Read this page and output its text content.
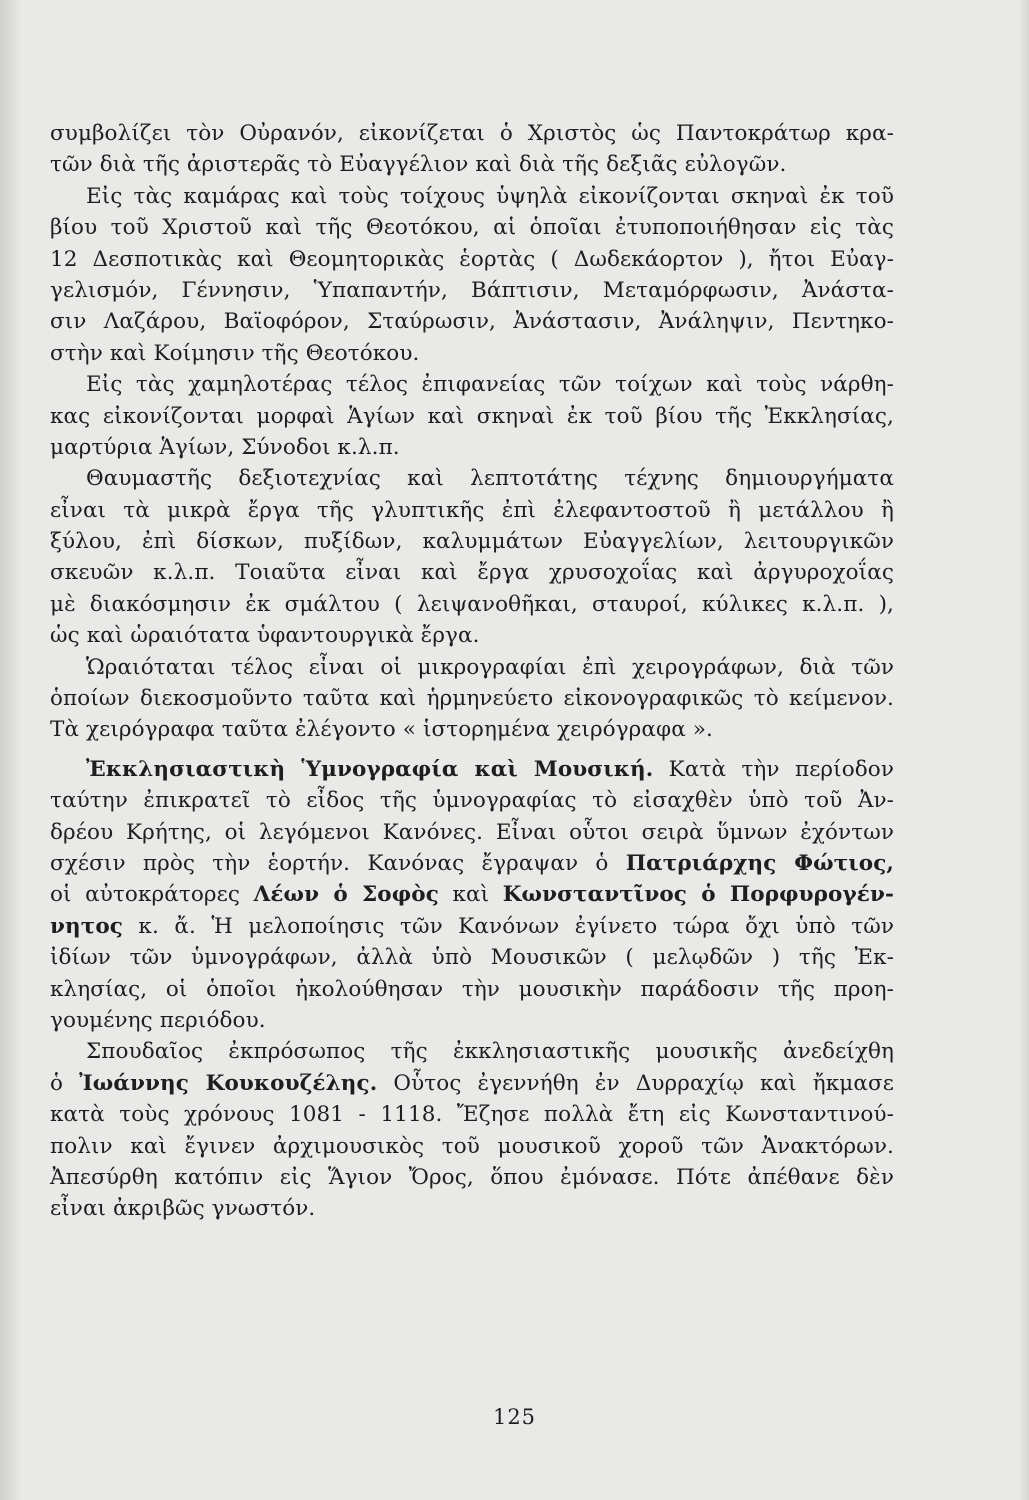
συμβολίζει τὸν Οὐρανόν, εἰκονίζεται ὁ Χριστὸς ὡς Παντοκράτωρ κρα-
τῶν διὰ τῆς ἀριστερᾶς τὸ Εὐαγγέλιον καὶ διὰ τῆς δεξιᾶς εὐλογῶν.
Εἰς τὰς καμάρας καὶ τοὺς τοίχους ὑψηλὰ εἰκονίζονται σκηναὶ ἐκ τοῦ
βίου τοῦ Χριστοῦ καὶ τῆς Θεοτόκου, αἱ ὁποῖαι ἐτυποποιήθησαν εἰς τὰς
12 Δεσποτικὰς καὶ Θεομητορικὰς ἑορτὰς ( Δωδεκάορτον ), ἤτοι Εὐαγ-
γελισμόν, Γέννησιν, Ὑπαπαντήν, Βάπτισιν, Μεταμόρφωσιν, Ἀνάστα-
σιν Λαζάρου, Βαϊοφόρον, Σταύρωσιν, Ἀνάστασιν, Ἀνάληψιν, Πεντηκο-
στὴν καὶ Κοίμησιν τῆς Θεοτόκου.
Εἰς τὰς χαμηλοτέρας τέλος ἐπιφανείας τῶν τοίχων καὶ τοὺς νάρθη-
κας εἰκονίζονται μορφαὶ Ἁγίων καὶ σκηναὶ ἐκ τοῦ βίου τῆς Ἐκκλησίας,
μαρτύρια Ἁγίων, Σύνοδοι κ.λ.π.
Θαυμαστῆς δεξιοτεχνίας καὶ λεπτοτάτης τέχνης δημιουργήματα
εἶναι τὰ μικρὰ ἔργα τῆς γλυπτικῆς ἐπὶ ἐλεφαντοστοῦ ἢ μετάλλου ἢ
ξύλου, ἐπὶ δίσκων, πυξίδων, καλυμμάτων Εὐαγγελίων, λειτουργικῶν
σκευῶν κ.λ.π. Τοιαῦτα εἶναι καὶ ἔργα χρυσοχοΐας καὶ ἀργυροχοΐας
μὲ διακόσμησιν ἐκ σμάλτου ( λειψανοθῆκαι, σταυροί, κύλικες κ.λ.π. ),
ὡς καὶ ὡραιότατα ὑφαντουργικὰ ἔργα.
Ὡραιόταται τέλος εἶναι οἱ μικρογραφίαι ἐπὶ χειρογράφων, διὰ τῶν
ὁποίων διεκοσμοῦντο ταῦτα καὶ ἡρμηνεύετο εἰκονογραφικῶς τὸ κείμενον.
Τὰ χειρόγραφα ταῦτα ἐλέγοντο « ἱστορημένα χειρόγραφα ».
Ἐκκλησιαστικὴ Ὑμνογραφία καὶ Μουσική. Κατὰ τὴν περίοδον
ταύτην ἐπικρατεῖ τὸ εἶδος τῆς ὑμνογραφίας τὸ εἰσαχθὲν ὑπὸ τοῦ Ἀν-
δρέου Κρήτης, οἱ λεγόμενοι Κανόνες. Εἶναι οὗτοι σειρὰ ὕμνων ἐχόντων
σχέσιν πρὸς τὴν ἑορτήν. Κανόνας ἔγραψαν ὁ Πατριάρχης Φώτιος,
οἱ αὐτοκράτορες Λέων ὁ Σοφὸς καὶ Κωνσταντῖνος ὁ Πορφυρογέν-
νητος κ. ἄ. Ἡ μελοποίησις τῶν Κανόνων ἐγίνετο τώρα ὄχι ὑπὸ τῶν
ἰδίων τῶν ὑμνογράφων, ἀλλὰ ὑπὸ Μουσικῶν ( μελῳδῶν ) τῆς Ἐκ-
κλησίας, οἱ ὁποῖοι ἠκολούθησαν τὴν μουσικὴν παράδοσιν τῆς προη-
γουμένης περιόδου.
Σπουδαῖος ἐκπρόσωπος τῆς ἐκκλησιαστικῆς μουσικῆς ἀνεδείχθη
ὁ Ἰωάννης Κουκουζέλης. Οὗτος ἐγεννήθη ἐν Δυρραχίῳ καὶ ἤκμασε
κατὰ τοὺς χρόνους 1081 - 1118. Ἔζησε πολλὰ ἔτη εἰς Κωνσταντινού-
πολιν καὶ ἔγινεν ἀρχιμουσικὸς τοῦ μουσικοῦ χοροῦ τῶν Ἀνακτόρων.
Ἀπεσύρθη κατόπιν εἰς Ἅγιον Ὄρος, ὅπου ἐμόνασε. Πότε ἀπέθανε δὲν
εἶναι ἀκριβῶς γνωστόν.
125
